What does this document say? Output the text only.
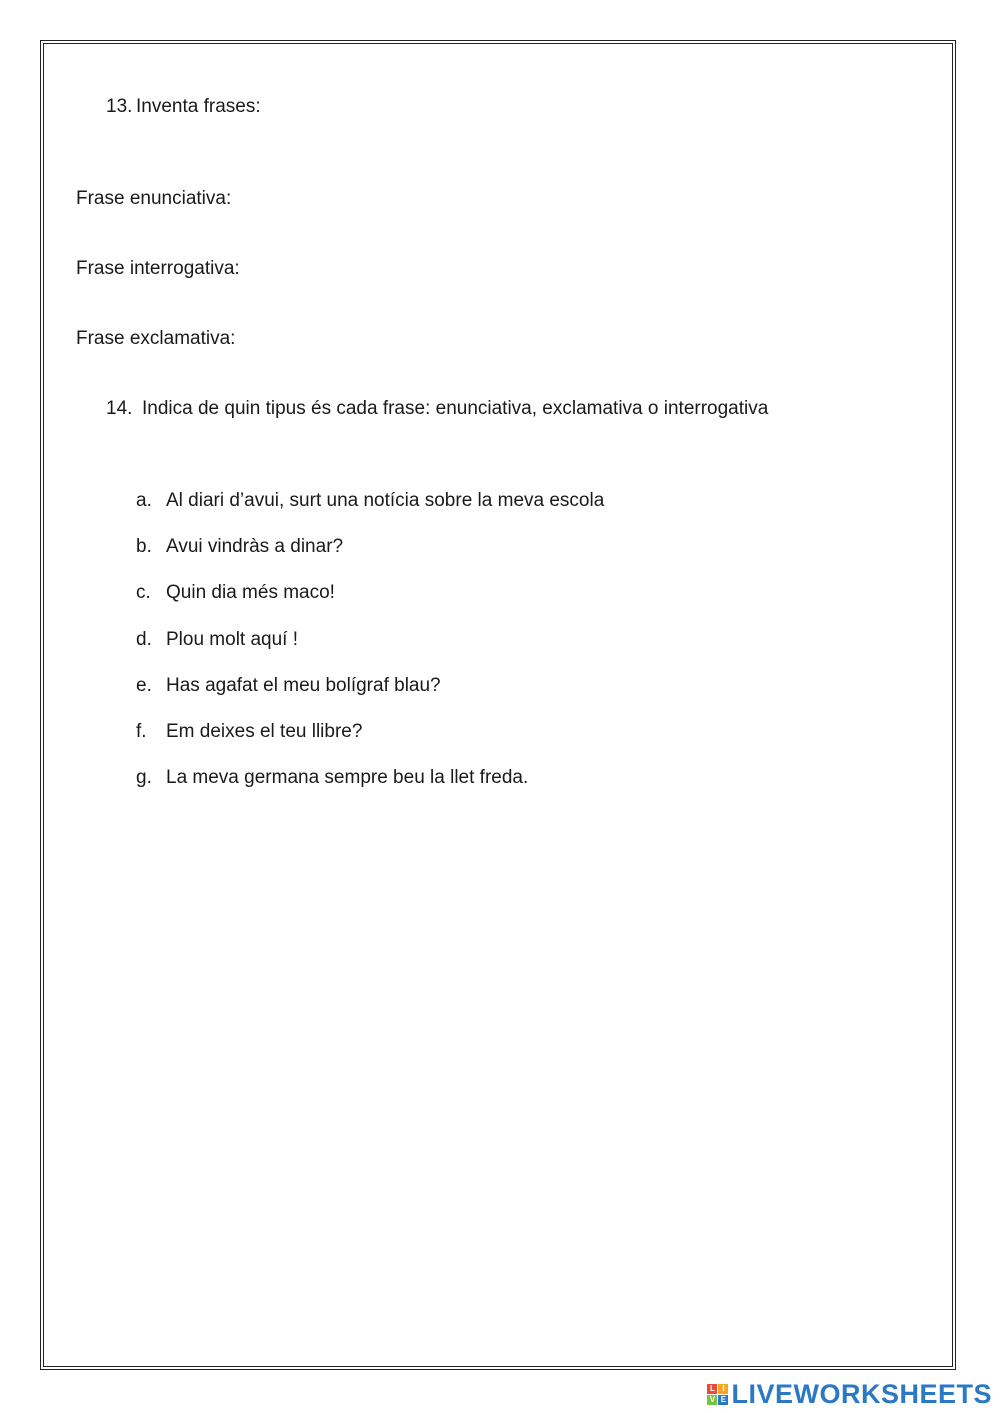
13. Inventa frases:
Frase enunciativa:
Frase interrogativa:
Frase exclamativa:
14. Indica de quin tipus és cada frase: enunciativa, exclamativa o interrogativa
a. Al diari d’avui, surt una notícia sobre la meva escola
b. Avui vindràs a dinar?
c. Quin dia més maco!
d. Plou molt aquí !
e. Has agafat el meu bolígraf blau?
f. Em deixes el teu llibre?
g. La meva germana sempre beu la llet freda.
L I
V E LIVEWORKSHEETS
